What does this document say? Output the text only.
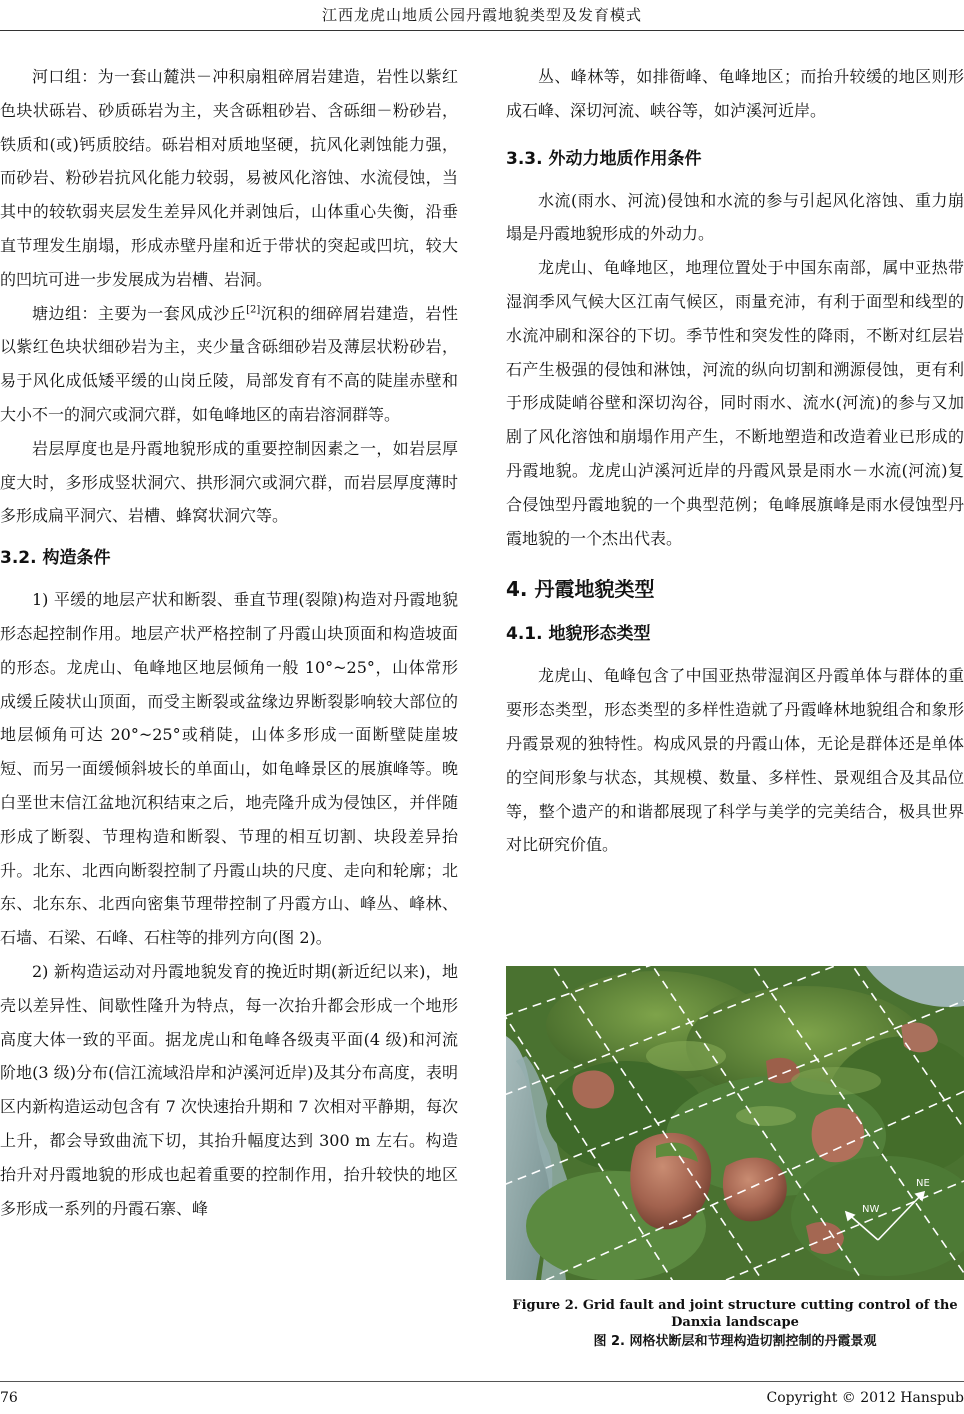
江西龙虎山地质公园丹霞地貌类型及发育模式

河口组：为一套山麓洪－冲积扇粗碎屑岩建造，岩性以紫红色块状砾岩、砂质砾岩为主，夹含砾粗砂岩、含砾细－粉砂岩，铁质和(或)钙质胶结。砾岩相对质地坚硬，抗风化剥蚀能力强，而砂岩、粉砂岩抗风化能力较弱，易被风化溶蚀、水流侵蚀，当其中的较软弱夹层发生差异风化并剥蚀后，山体重心失衡，沿垂直节理发生崩塌，形成赤壁丹崖和近于带状的突起或凹坑，较大的凹坑可进一步发展成为岩槽、岩洞。

塘边组：主要为一套风成沙丘[2]沉积的细碎屑岩建造，岩性以紫红色块状细砂岩为主，夹少量含砾细砂岩及薄层状粉砂岩，易于风化成低矮平缓的山岗丘陵，局部发育有不高的陡崖赤壁和大小不一的洞穴或洞穴群，如龟峰地区的南岩溶洞群等。

岩层厚度也是丹霞地貌形成的重要控制因素之一，如岩层厚度大时，多形成竖状洞穴、拱形洞穴或洞穴群，而岩层厚度薄时多形成扁平洞穴、岩槽、蜂窝状洞穴等。

3.2. 构造条件

1) 平缓的地层产状和断裂、垂直节理(裂隙)构造对丹霞地貌形态起控制作用。地层产状严格控制了丹霞山块顶面和构造坡面的形态。龙虎山、龟峰地区地层倾角一般 10°~25°，山体常形成缓丘陵状山顶面，而受主断裂或盆缘边界断裂影响较大部位的地层倾角可达 20°~25°或稍陡，山体多形成一面断壁陡崖坡短、而另一面缓倾斜坡长的单面山，如龟峰景区的展旗峰等。晚白垩世末信江盆地沉积结束之后，地壳隆升成为侵蚀区，并伴随形成了断裂、节理构造和断裂、节理的相互切割、块段差异抬升。北东、北西向断裂控制了丹霞山块的尺度、走向和轮廓；北东、北东东、北西向密集节理带控制了丹霞方山、峰丛、峰林、石墙、石梁、石峰、石柱等的排列方向(图 2)。

2) 新构造运动对丹霞地貌发育的挽近时期(新近纪以来)，地壳以差异性、间歇性隆升为特点，每一次抬升都会形成一个地形高度大体一致的平面。据龙虎山和龟峰各级夷平面(4 级)和河流阶地(3 级)分布(信江流域沿岸和泸溪河近岸)及其分布高度，表明区内新构造运动包含有 7 次快速抬升期和 7 次相对平静期，每次上升，都会导致曲流下切，其抬升幅度达到 300 m 左右。构造抬升对丹霞地貌的形成也起着重要的控制作用，抬升较快的地区多形成一系列的丹霞石寨、峰

丛、峰林等，如排衙峰、龟峰地区；而抬升较缓的地区则形成石峰、深切河流、峡谷等，如泸溪河近岸。

3.3. 外动力地质作用条件

水流(雨水、河流)侵蚀和水流的参与引起风化溶蚀、重力崩塌是丹霞地貌形成的外动力。

龙虎山、龟峰地区，地理位置处于中国东南部，属中亚热带湿润季风气候大区江南气候区，雨量充沛，有利于面型和线型的水流冲刷和深谷的下切。季节性和突发性的降雨，不断对红层岩石产生极强的侵蚀和淋蚀，河流的纵向切割和溯源侵蚀，更有利于形成陡峭谷壁和深切沟谷，同时雨水、流水(河流)的参与又加剧了风化溶蚀和崩塌作用产生，不断地塑造和改造着业已形成的丹霞地貌。龙虎山泸溪河近岸的丹霞风景是雨水－水流(河流)复合侵蚀型丹霞地貌的一个典型范例；龟峰展旗峰是雨水侵蚀型丹霞地貌的一个杰出代表。

4. 丹霞地貌类型
4.1. 地貌形态类型

龙虎山、龟峰包含了中国亚热带湿润区丹霞单体与群体的重要形态类型，形态类型的多样性造就了丹霞峰林地貌组合和象形丹霞景观的独特性。构成风景的丹霞山体，无论是群体还是单体的空间形象与状态，其规模、数量、多样性、景观组合及其品位等，整个遗产的和谐都展现了科学与美学的完美结合，极具世界对比研究价值。

NE
NW
Figure 2. Grid fault and joint structure cutting control of the Danxia landscape
图 2. 网格状断层和节理构造切割控制的丹霞景观
76	Copyright © 2012 Hanspub
